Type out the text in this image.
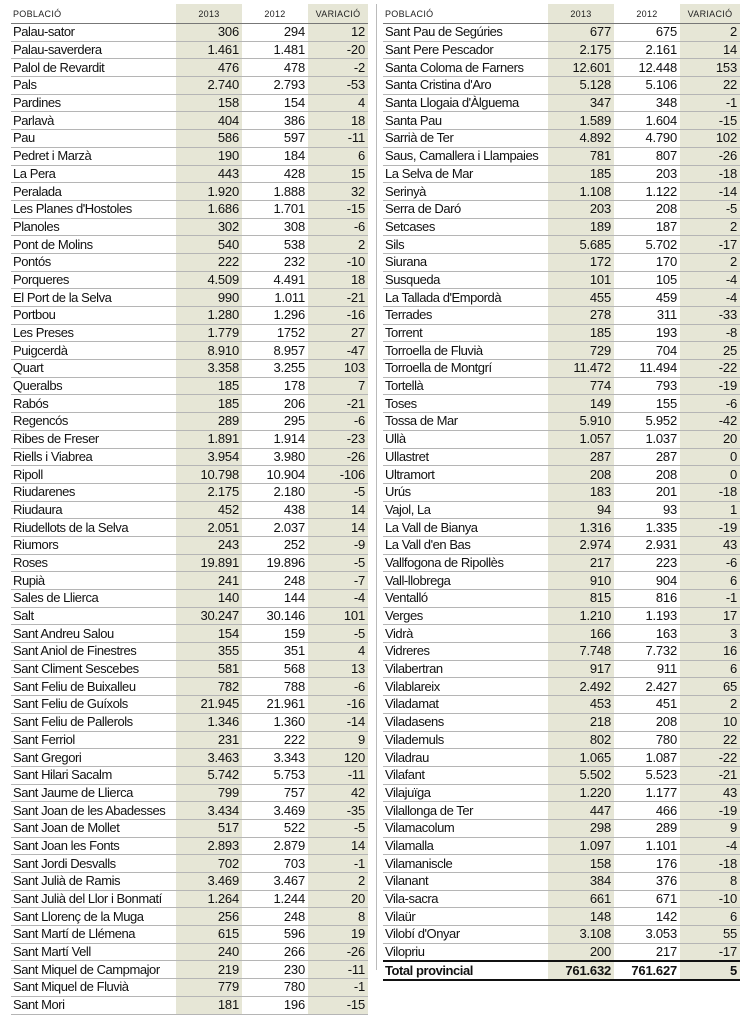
POBLACIÓ	2013	2012	VARIACIÓ
Palau-sator	306	294	12
Palau-saverdera	1.461	1.481	-20
Palol de Revardit	476	478	-2
Pals	2.740	2.793	-53
Pardines	158	154	4
Parlavà	404	386	18
Pau	586	597	-11
Pedret i Marzà	190	184	6
La Pera	443	428	15
Peralada	1.920	1.888	32
Les Planes d'Hostoles	1.686	1.701	-15
Planoles	302	308	-6
Pont de Molins	540	538	2
Pontós	222	232	-10
Porqueres	4.509	4.491	18
El Port de la Selva	990	1.011	-21
Portbou	1.280	1.296	-16
Les Preses	1.779	1752	27
Puigcerdà	8.910	8.957	-47
Quart	3.358	3.255	103
Queralbs	185	178	7
Rabós	185	206	-21
Regencós	289	295	-6
Ribes de Freser	1.891	1.914	-23
Riells i Viabrea	3.954	3.980	-26
Ripoll	10.798	10.904	-106
Riudarenes	2.175	2.180	-5
Riudaura	452	438	14
Riudellots de la Selva	2.051	2.037	14
Riumors	243	252	-9
Roses	19.891	19.896	-5
Rupià	241	248	-7
Sales de Llierca	140	144	-4
Salt	30.247	30.146	101
Sant Andreu Salou	154	159	-5
Sant Aniol de Finestres	355	351	4
Sant Climent Sescebes	581	568	13
Sant Feliu de Buixalleu	782	788	-6
Sant Feliu de Guíxols	21.945	21.961	-16
Sant Feliu de Pallerols	1.346	1.360	-14
Sant Ferriol	231	222	9
Sant Gregori	3.463	3.343	120
Sant Hilari Sacalm	5.742	5.753	-11
Sant Jaume de Llierca	799	757	42
Sant Joan de les Abadesses	3.434	3.469	-35
Sant Joan de Mollet	517	522	-5
Sant Joan les Fonts	2.893	2.879	14
Sant Jordi Desvalls	702	703	-1
Sant Julià de Ramis	3.469	3.467	2
Sant Julià del Llor i Bonmatí	1.264	1.244	20
Sant Llorenç de la Muga	256	248	8
Sant Martí de Llémena	615	596	19
Sant Martí Vell	240	266	-26
Sant Miquel de Campmajor	219	230	-11
Sant Miquel de Fluvià	779	780	-1
Sant Mori	181	196	-15
POBLACIÓ	2013	2012	VARIACIÓ
Sant Pau de Segúries	677	675	2
Sant Pere Pescador	2.175	2.161	14
Santa Coloma de Farners	12.601	12.448	153
Santa Cristina d'Aro	5.128	5.106	22
Santa Llogaia d'Àlguema	347	348	-1
Santa Pau	1.589	1.604	-15
Sarrià de Ter	4.892	4.790	102
Saus, Camallera i Llampaies	781	807	-26
La Selva de Mar	185	203	-18
Serinyà	1.108	1.122	-14
Serra de Daró	203	208	-5
Setcases	189	187	2
Sils	5.685	5.702	-17
Siurana	172	170	2
Susqueda	101	105	-4
La Tallada d'Empordà	455	459	-4
Terrades	278	311	-33
Torrent	185	193	-8
Torroella de Fluvià	729	704	25
Torroella de Montgrí	11.472	11.494	-22
Tortellà	774	793	-19
Toses	149	155	-6
Tossa de Mar	5.910	5.952	-42
Ullà	1.057	1.037	20
Ullastret	287	287	0
Ultramort	208	208	0
Urús	183	201	-18
Vajol, La	94	93	1
La Vall de Bianya	1.316	1.335	-19
La Vall d'en Bas	2.974	2.931	43
Vallfogona de Ripollès	217	223	-6
Vall-llobrega	910	904	6
Ventalló	815	816	-1
Verges	1.210	1.193	17
Vidrà	166	163	3
Vidreres	7.748	7.732	16
Vilabertran	917	911	6
Vilablareix	2.492	2.427	65
Viladamat	453	451	2
Viladasens	218	208	10
Vilademuls	802	780	22
Viladrau	1.065	1.087	-22
Vilafant	5.502	5.523	-21
Vilajuïga	1.220	1.177	43
Vilallonga de Ter	447	466	-19
Vilamacolum	298	289	9
Vilamalla	1.097	1.101	-4
Vilamaniscle	158	176	-18
Vilanant	384	376	8
Vila-sacra	661	671	-10
Vilaür	148	142	6
Vilobí d'Onyar	3.108	3.053	55
Vilopriu	200	217	-17
Total provincial	761.632	761.627	5
